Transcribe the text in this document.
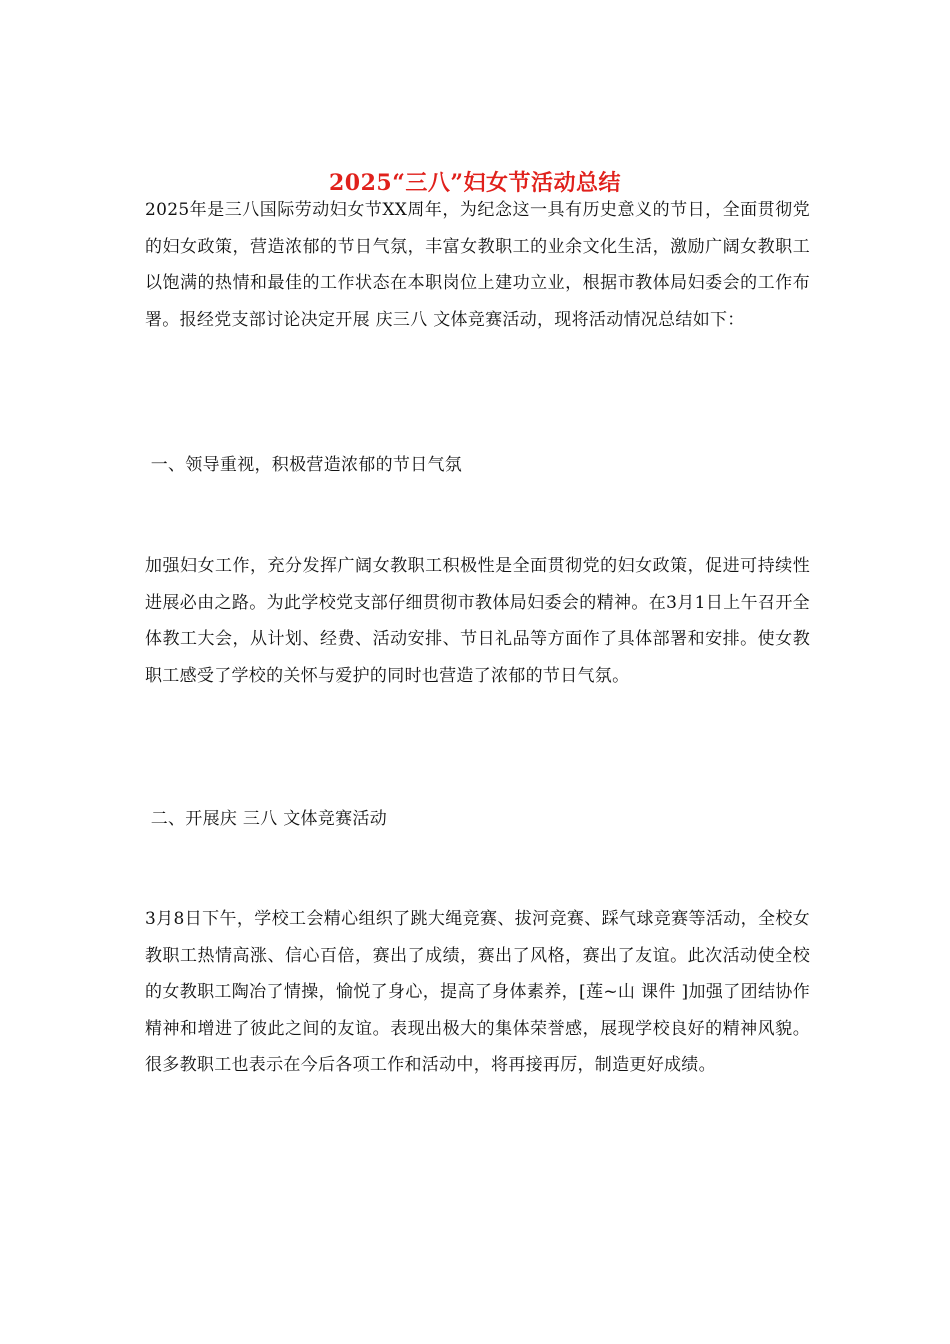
2025“三八”妇女节活动总结

2025年是三八国际劳动妇女节XX周年，为纪念这一具有历史意义的节日，全面贯彻党的妇女政策，营造浓郁的节日气氛，丰富女教职工的业余文化生活，激励广阔女教职工以饱满的热情和最佳的工作状态在本职岗位上建功立业，根据市教体局妇委会的工作布署。报经党支部讨论决定开展 庆三八 文体竞赛活动，现将活动情况总结如下：

一、领导重视，积极营造浓郁的节日气氛

加强妇女工作，充分发挥广阔女教职工积极性是全面贯彻党的妇女政策，促进可持续性进展必由之路。为此学校党支部仔细贯彻市教体局妇委会的精神。在3月1日上午召开全体教工大会，从计划、经费、活动安排、节日礼品等方面作了具体部署和安排。使女教职工感受了学校的关怀与爱护的同时也营造了浓郁的节日气氛。

二、开展庆 三八 文体竞赛活动

3月8日下午，学校工会精心组织了跳大绳竞赛、拔河竞赛、踩气球竞赛等活动，全校女教职工热情高涨、信心百倍，赛出了成绩，赛出了风格，赛出了友谊。此次活动使全校的女教职工陶冶了情操，愉悦了身心，提高了身体素养，[莲~山 课件 ]加强了团结协作精神和增进了彼此之间的友谊。表现出极大的集体荣誉感，展现学校良好的精神风貌。很多教职工也表示在今后各项工作和活动中，将再接再厉，制造更好成绩。
